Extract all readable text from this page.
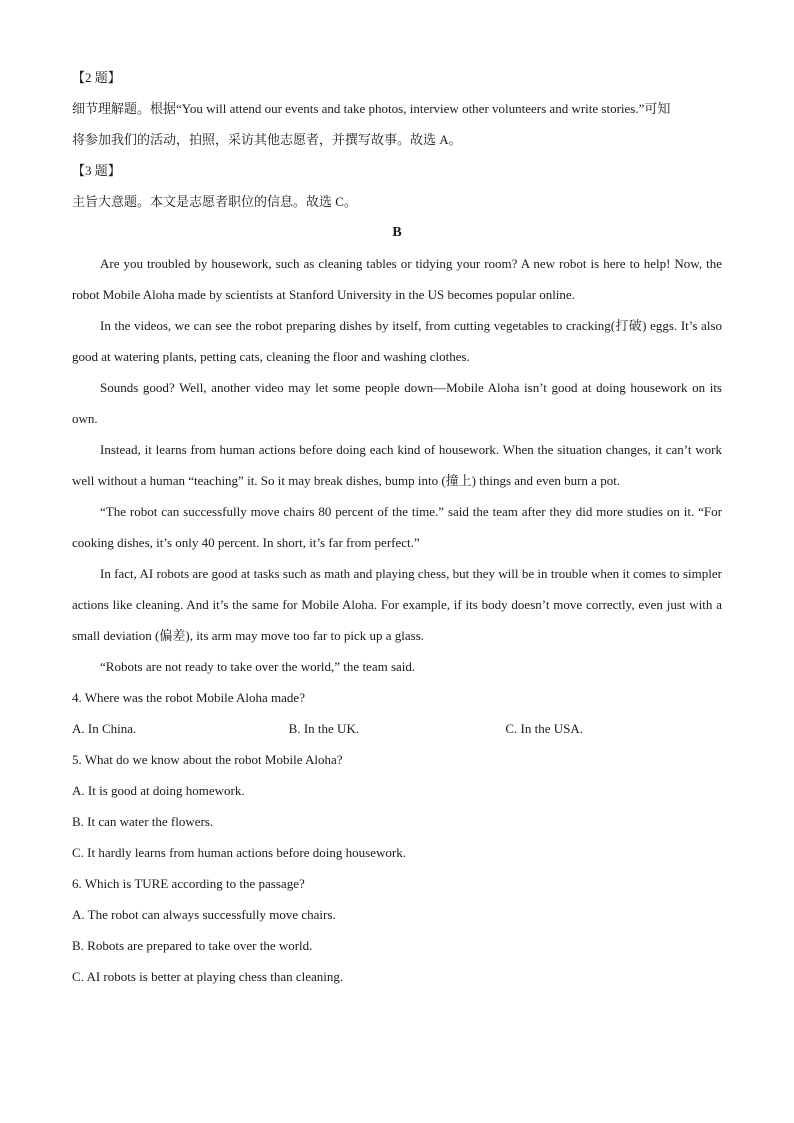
【2 题】
细节理解题。根据“You will attend our events and take photos, interview other volunteers and write stories.”可知
将参加我们的活动，拍照，采访其他志愿者，并撰写故事。故选 A。
【3 题】
主旨大意题。本文是志愿者职位的信息。故选 C。
B
Are you troubled by housework, such as cleaning tables or tidying your room? A new robot is here to help! Now, the robot Mobile Aloha made by scientists at Stanford University in the US becomes popular online.
In the videos, we can see the robot preparing dishes by itself, from cutting vegetables to cracking(打破) eggs. It’s also good at watering plants, petting cats, cleaning the floor and washing clothes.
Sounds good? Well, another video may let some people down—Mobile Aloha isn’t good at doing housework on its own.
Instead, it learns from human actions before doing each kind of housework. When the situation changes, it can’t work well without a human “teaching” it. So it may break dishes, bump into (撞上) things and even burn a pot.
“The robot can successfully move chairs 80 percent of the time.” said the team after they did more studies on it. “For cooking dishes, it’s only 40 percent. In short, it’s far from perfect.”
In fact, AI robots are good at tasks such as math and playing chess, but they will be in trouble when it comes to simpler actions like cleaning. And it’s the same for Mobile Aloha. For example, if its body doesn’t move correctly, even just with a small deviation (偏差), its arm may move too far to pick up a glass.
“Robots are not ready to take over the world,” the team said.
4. Where was the robot Mobile Aloha made?
A. In China.	B. In the UK.	C. In the USA.
5. What do we know about the robot Mobile Aloha?
A. It is good at doing homework.
B. It can water the flowers.
C. It hardly learns from human actions before doing housework.
6. Which is TURE according to the passage?
A. The robot can always successfully move chairs.
B. Robots are prepared to take over the world.
C. AI robots is better at playing chess than cleaning.
